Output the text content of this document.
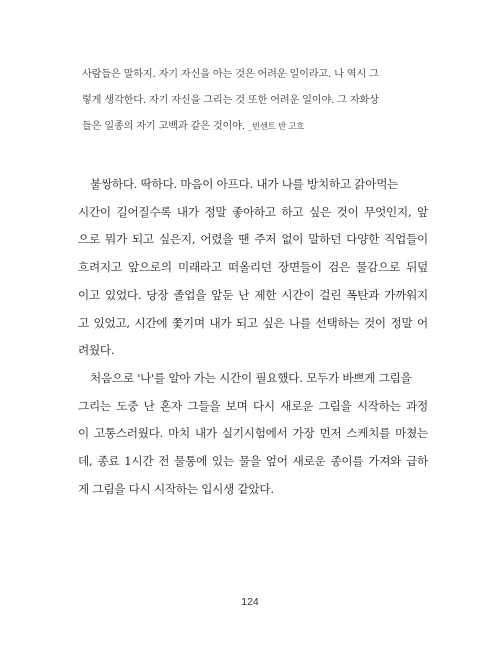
사람들은 말하지. 자기 자신을 아는 것은 어려운 일이라고. 나 역시 그
렇게 생각한다. 자기 자신을 그리는 것 또한 어려운 일이야. 그 자화상
들은 일종의 자기 고백과 같은 것이야. _빈센트 반 고흐
불쌍하다. 딱하다. 마음이 아프다. 내가 나를 방치하고 갉아먹는
시간이 길어질수록 내가 정말 좋아하고 하고 싶은 것이 무엇인지, 앞
으로 뭐가 되고 싶은지, 어렸을 땐 주저 없이 말하던 다양한 직업들이
흐려지고 앞으로의 미래라고 떠올리던 장면들이 검은 물감으로 뒤덮
이고 있었다. 당장 졸업을 앞둔 난 제한 시간이 걸린 폭탄과 가까워지
고 있었고, 시간에 쫓기며 내가 되고 싶은 나를 선택하는 것이 정말 어
려웠다.
처음으로 '나'를 알아 가는 시간이 필요했다. 모두가 바쁘게 그림을
그리는 도중 난 혼자 그들을 보며 다시 새로운 그림을 시작하는 과정
이 고통스러웠다. 마치 내가 실기시험에서 가장 먼저 스케치를 마쳤는
데, 종료 1시간 전 물통에 있는 물을 엎어 새로운 종이를 가져와 급하
게 그림을 다시 시작하는 입시생 같았다.
124
